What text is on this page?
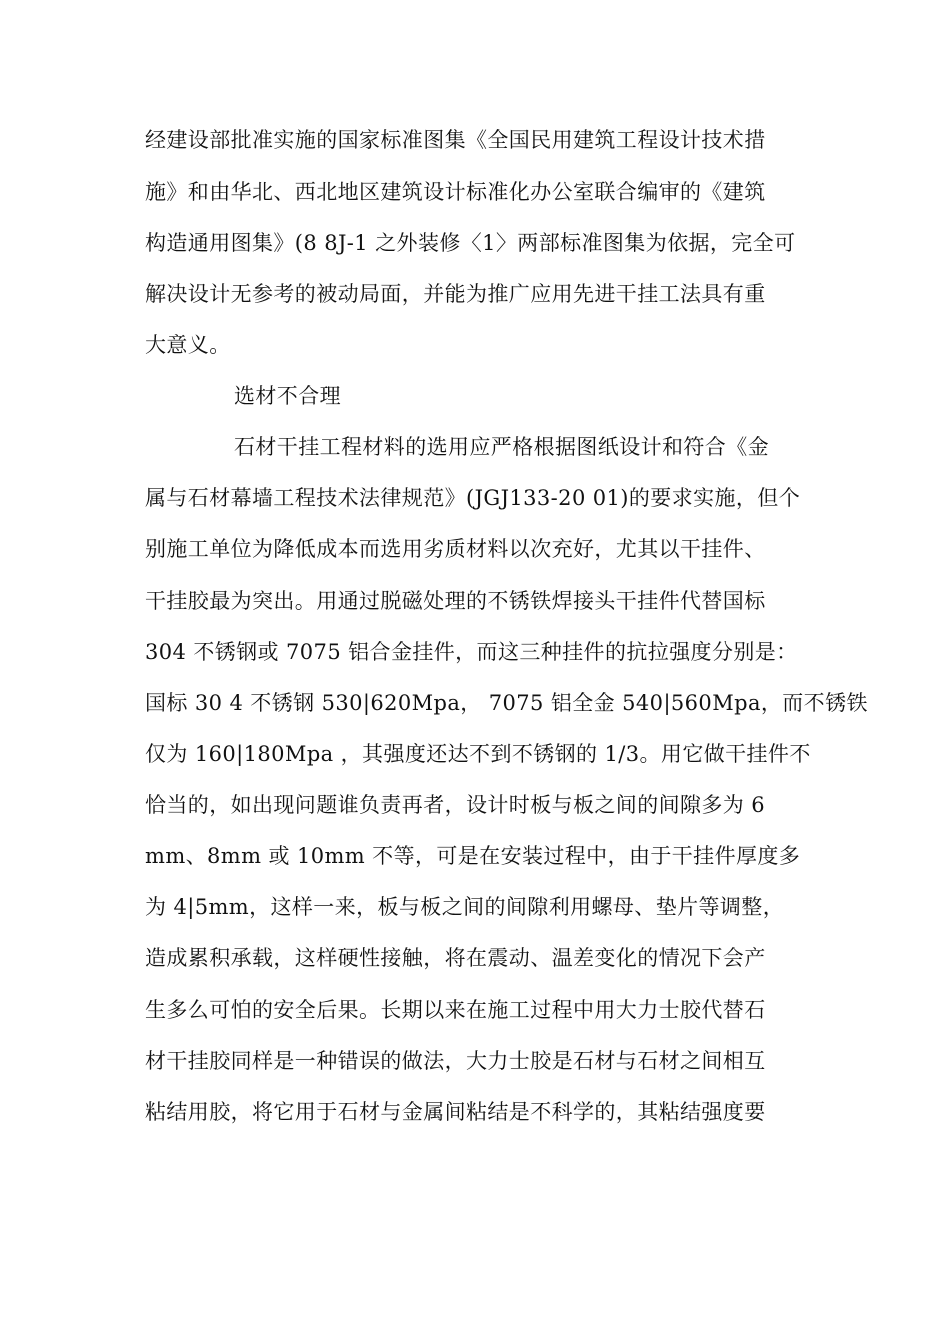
经建设部批准实施的国家标准图集《全国民用建筑工程设计技术措
施》和由华北、西北地区建筑设计标准化办公室联合编审的《建筑
构造通用图集》(8 8J-1 之外装修〈1〉两部标准图集为依据，完全可
解决设计无参考的被动局面，并能为推广应用先进干挂工法具有重
大意义。
选材不合理
石材干挂工程材料的选用应严格根据图纸设计和符合《金
属与石材幕墙工程技术法律规范》(JGJ133-20 01)的要求实施，但个
别施工单位为降低成本而选用劣质材料以次充好，尤其以干挂件、
干挂胶最为突出。用通过脱磁处理的不锈铁焊接头干挂件代替国标
304 不锈钢或 7075 铝合金挂件，而这三种挂件的抗拉强度分别是：
国标 30 4 不锈钢 530|620Mpa， 7075 铝全金 540|560Mpa，而不锈铁
仅为 160|180Mpa ，其强度还达不到不锈钢的 1/3。用它做干挂件不
恰当的，如出现问题谁负责再者，设计时板与板之间的间隙多为 6
mm、8mm 或 10mm 不等，可是在安装过程中，由于干挂件厚度多
为 4|5mm，这样一来，板与板之间的间隙利用螺母、垫片等调整，
造成累积承载，这样硬性接触，将在震动、温差变化的情况下会产
生多么可怕的安全后果。长期以来在施工过程中用大力士胶代替石
材干挂胶同样是一种错误的做法，大力士胶是石材与石材之间相互
粘结用胶，将它用于石材与金属间粘结是不科学的，其粘结强度要
